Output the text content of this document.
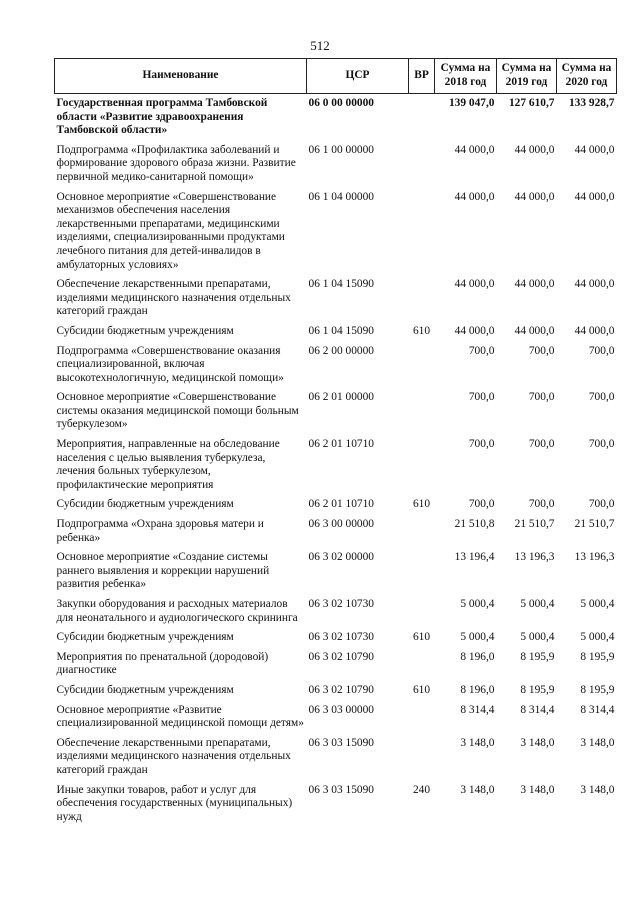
512
Наименование	ЦСР	ВР	Сумма на 2018 год	Сумма на 2019 год	Сумма на 2020 год
Государственная программа Тамбовской области «Развитие здравоохранения Тамбовской области»	06 0 00 00000		139 047,0	127 610,7	133 928,7
Подпрограмма «Профилактика заболеваний и формирование здорового образа жизни. Развитие первичной медико-санитарной помощи»	06 1 00 00000		44 000,0	44 000,0	44 000,0
Основное мероприятие «Совершенствование механизмов обеспечения населения лекарственными препаратами, медицинскими изделиями, специализированными продуктами лечебного питания для детей-инвалидов в амбулаторных условиях»	06 1 04 00000		44 000,0	44 000,0	44 000,0
Обеспечение лекарственными препаратами, изделиями медицинского назначения отдельных категорий граждан	06 1 04 15090		44 000,0	44 000,0	44 000,0
Субсидии бюджетным учреждениям	06 1 04 15090	610	44 000,0	44 000,0	44 000,0
Подпрограмма «Совершенствование оказания специализированной, включая высокотехнологичную, медицинской помощи»	06 2 00 00000		700,0	700,0	700,0
Основное мероприятие «Совершенствование системы оказания медицинской помощи больным туберкулезом»	06 2 01 00000		700,0	700,0	700,0
Мероприятия, направленные на обследование населения с целью выявления туберкулеза, лечения больных туберкулезом, профилактические мероприятия	06 2 01 10710		700,0	700,0	700,0
Субсидии бюджетным учреждениям	06 2 01 10710	610	700,0	700,0	700,0
Подпрограмма «Охрана здоровья матери и ребенка»	06 3 00 00000		21 510,8	21 510,7	21 510,7
Основное мероприятие «Создание системы раннего выявления и коррекции нарушений развития ребенка»	06 3 02 00000		13 196,4	13 196,3	13 196,3
Закупки оборудования и расходных материалов для неонатального и аудиологического скрининга	06 3 02 10730		5 000,4	5 000,4	5 000,4
Субсидии бюджетным учреждениям	06 3 02 10730	610	5 000,4	5 000,4	5 000,4
Мероприятия по пренатальной (дородовой) диагностике	06 3 02 10790		8 196,0	8 195,9	8 195,9
Субсидии бюджетным учреждениям	06 3 02 10790	610	8 196,0	8 195,9	8 195,9
Основное мероприятие «Развитие специализированной медицинской помощи детям»	06 3 03 00000		8 314,4	8 314,4	8 314,4
Обеспечение лекарственными препаратами, изделиями медицинского назначения отдельных категорий граждан	06 3 03 15090		3 148,0	3 148,0	3 148,0
Иные закупки товаров, работ и услуг для обеспечения государственных (муниципальных) нужд	06 3 03 15090	240	3 148,0	3 148,0	3 148,0
